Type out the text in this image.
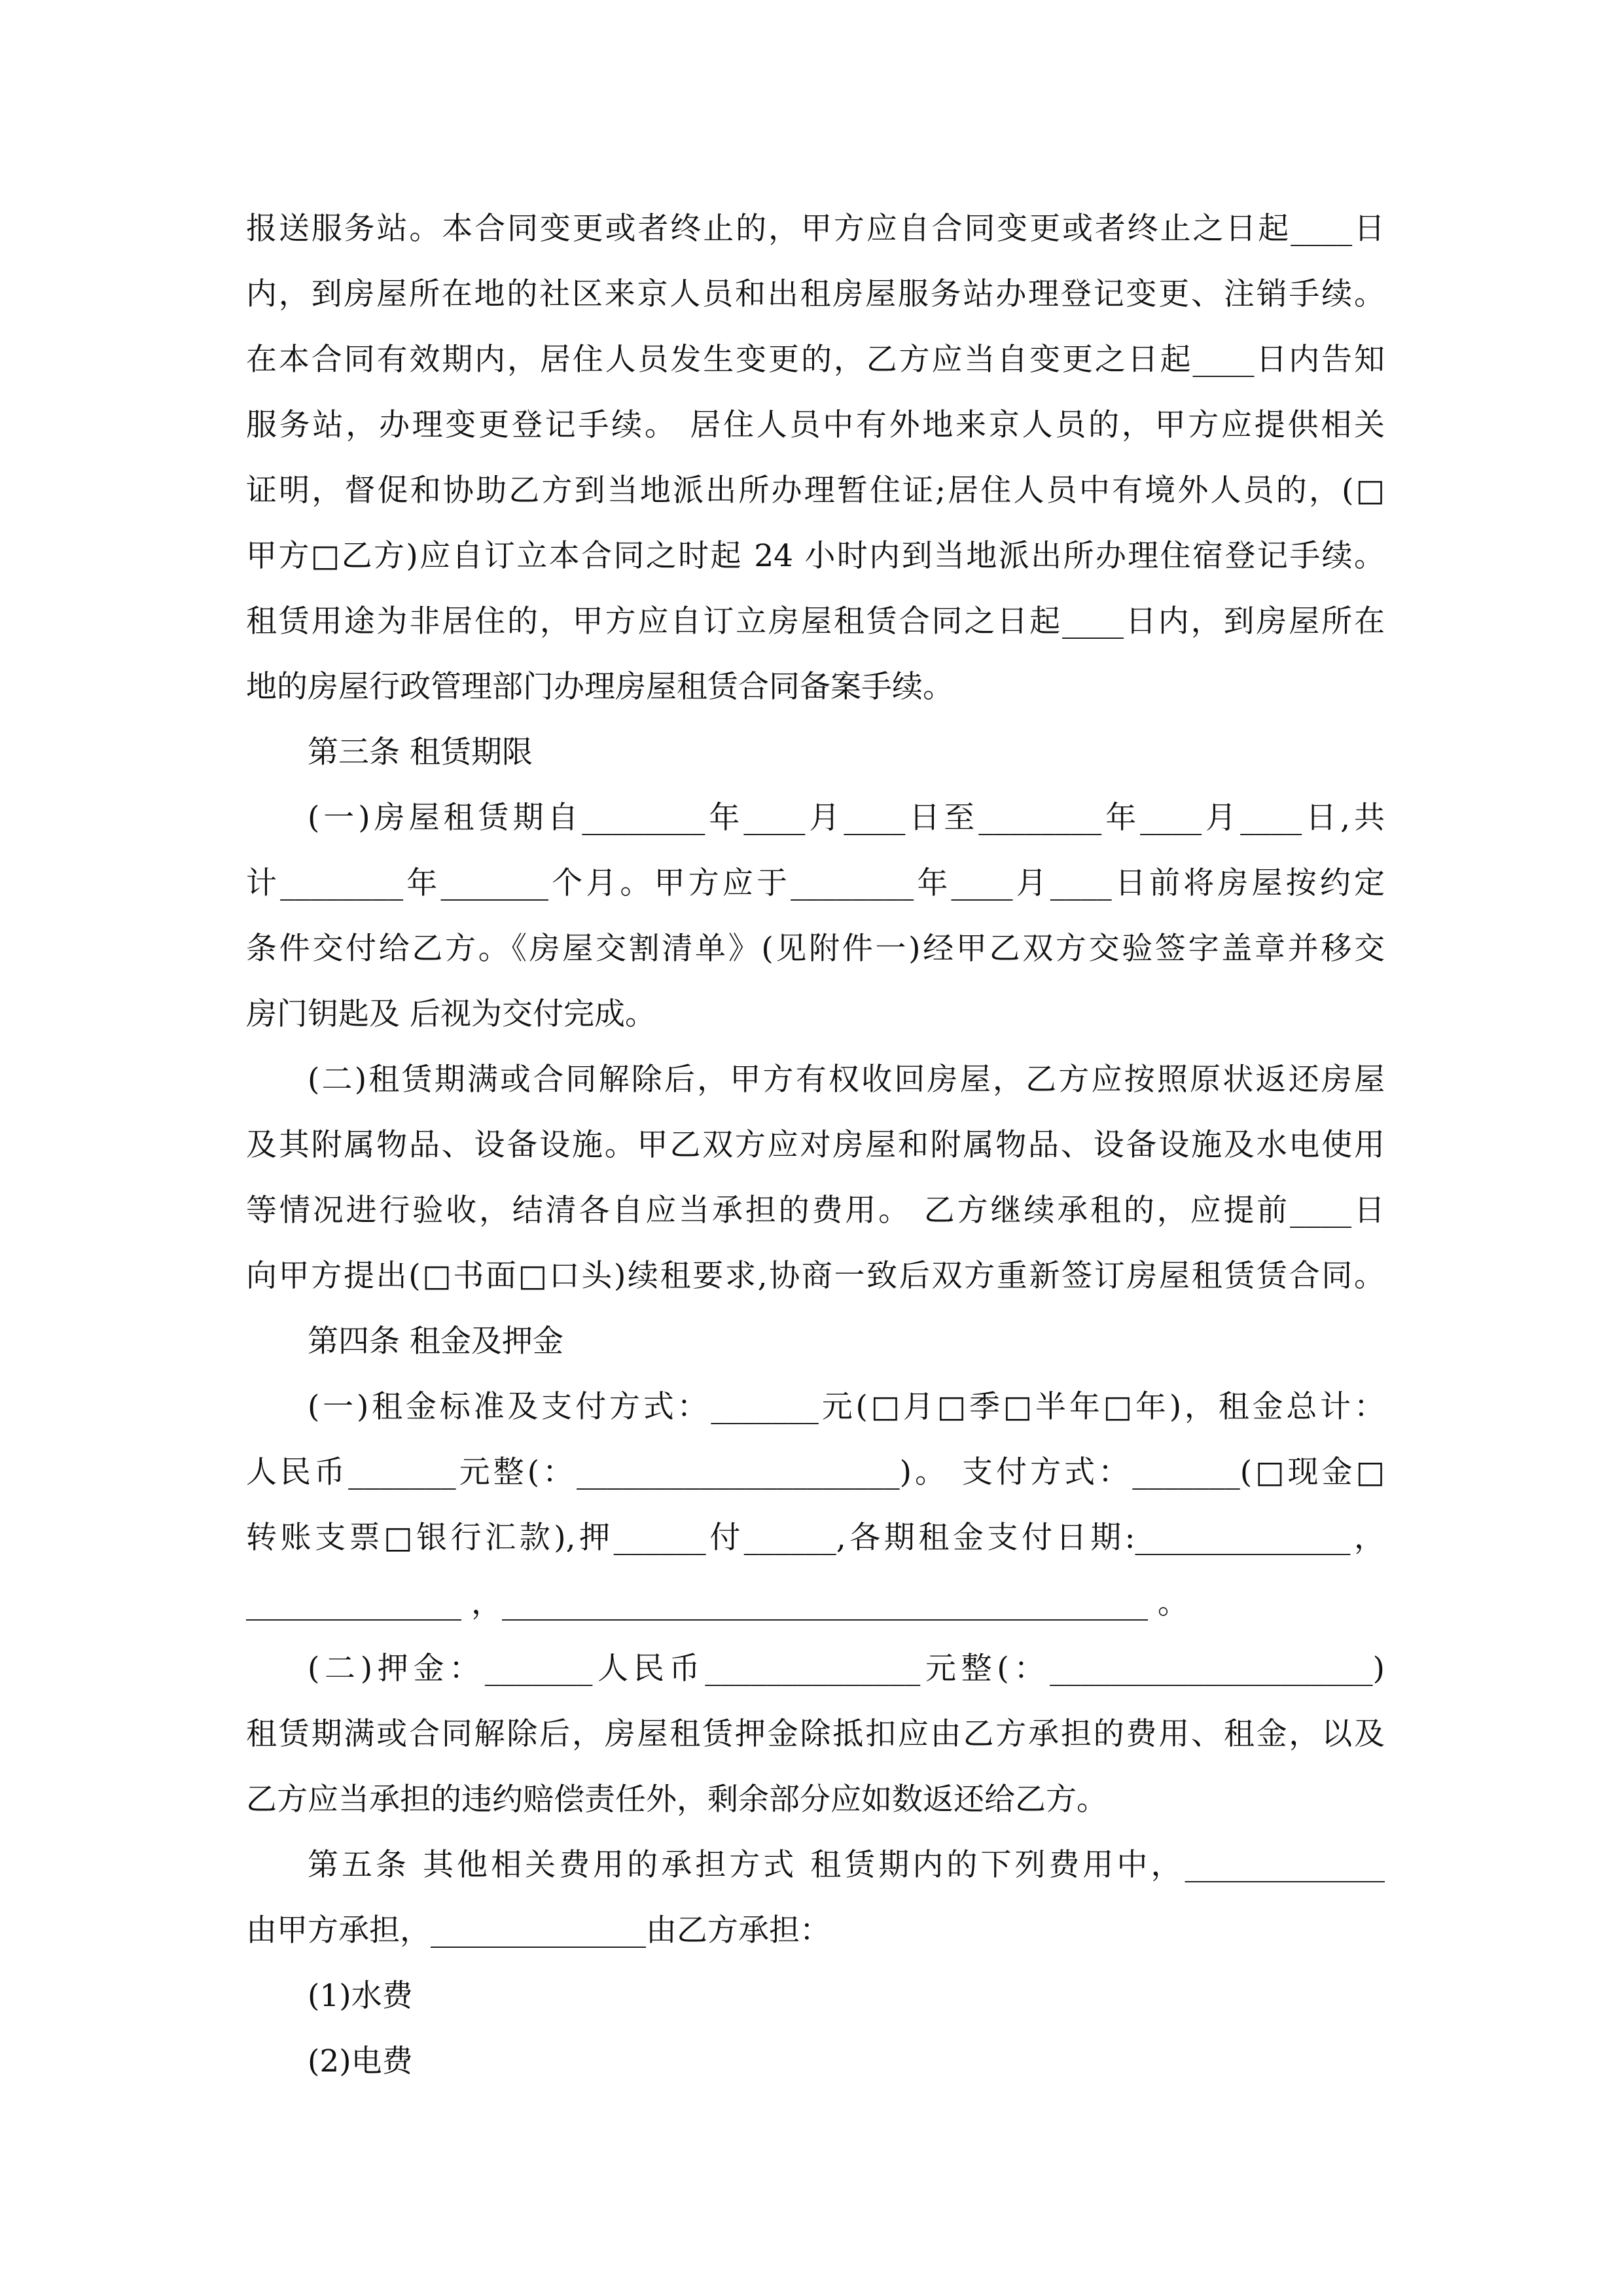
报送服务站。本合同变更或者终止的，甲方应自合同变更或者终止之日起____日
内，到房屋所在地的社区来京人员和出租房屋服务站办理登记变更、注销手续。
在本合同有效期内，居住人员发生变更的，乙方应当自变更之日起____日内告知
服务站，办理变更登记手续。 居住人员中有外地来京人员的，甲方应提供相关
证明，督促和协助乙方到当地派出所办理暂住证;居住人员中有境外人员的，(□
甲方□乙方)应自订立本合同之时起 24 小时内到当地派出所办理住宿登记手续。
租赁用途为非居住的，甲方应自订立房屋租赁合同之日起____日内，到房屋所在
地的房屋行政管理部门办理房屋租赁合同备案手续。
第三条 租赁期限
(一)房屋租赁期自________年____月____日至________年____月____日,共
计________年_______个月。甲方应于________年____月____日前将房屋按约定
条件交付给乙方。《房屋交割清单》(见附件一)经甲乙双方交验签字盖章并移交
房门钥匙及 后视为交付完成。
(二)租赁期满或合同解除后，甲方有权收回房屋，乙方应按照原状返还房屋
及其附属物品、设备设施。甲乙双方应对房屋和附属物品、设备设施及水电使用
等情况进行验收，结清各自应当承担的费用。 乙方继续承租的，应提前____日
向甲方提出(□书面□口头)续租要求,协商一致后双方重新签订房屋租赁赁合同。
第四条 租金及押金
(一)租金标准及支付方式：_______元(□月□季□半年□年)，租金总计：
人民币_______元整(：_____________________)。 支付方式：_______(□现金□
转账支票□银行汇款),押______付______,各期租金支付日期:______________，
______________ ，__________________________________________ 。
(二)押金：_______人民币______________元整(：_____________________)
租赁期满或合同解除后，房屋租赁押金除抵扣应由乙方承担的费用、租金，以及
乙方应当承担的违约赔偿责任外，剩余部分应如数返还给乙方。
第五条 其他相关费用的承担方式 租赁期内的下列费用中，_____________
由甲方承担，______________由乙方承担：
(1)水费
(2)电费
